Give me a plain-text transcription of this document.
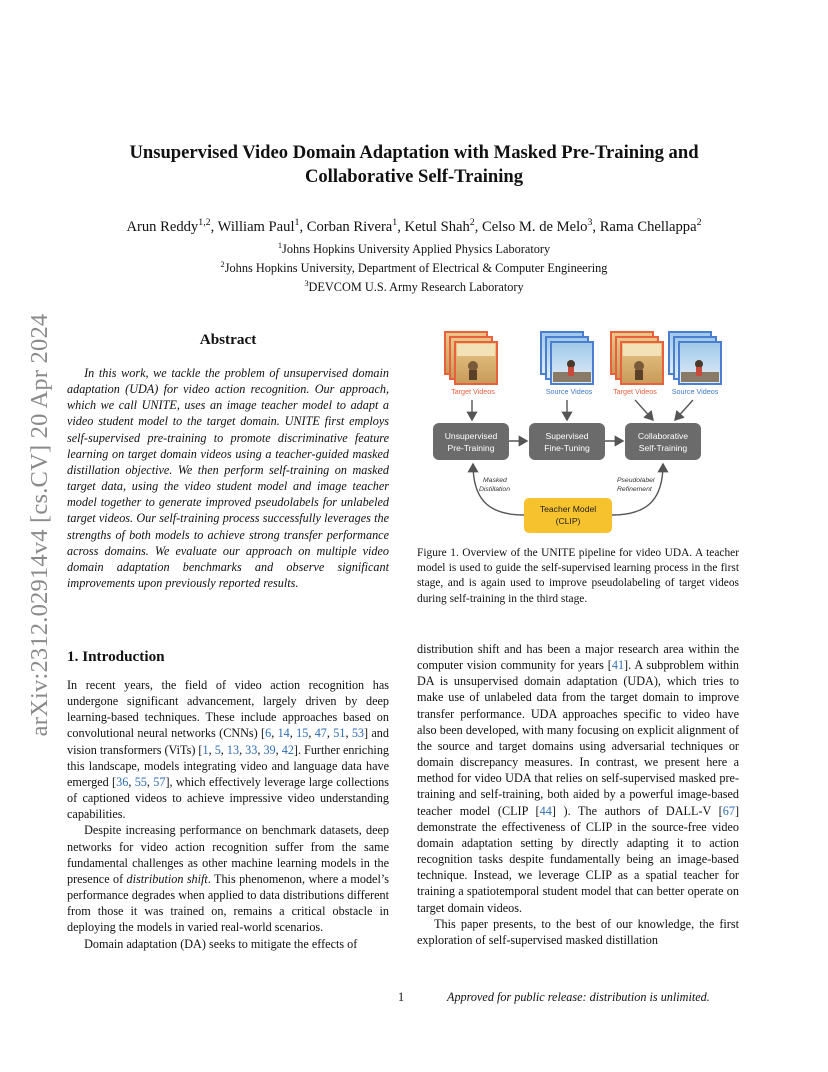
arXiv:2312.02914v4 [cs.CV] 20 Apr 2024
Unsupervised Video Domain Adaptation with Masked Pre-Training and
Collaborative Self-Training
Arun Reddy$^{1,2}$, William Paul$^1$, Corban Rivera$^1$, Ketul Shah$^2$, Celso M. de Melo$^3$, Rama Chellappa$^2$
$^1$Johns Hopkins University Applied Physics Laboratory
$^2$Johns Hopkins University, Department of Electrical & Computer Engineering
$^3$DEVCOM U.S. Army Research Laboratory
Abstract

In this work, we tackle the problem of unsupervised domain adaptation (UDA) for video action recognition. Our approach, which we call UNITE, uses an image teacher model to adapt a video student model to the target domain. UNITE first employs self-supervised pre-training to promote discriminative feature learning on target domain videos using a teacher-guided masked distillation objective. We then perform self-training on masked target data, using the video student model and image teacher model together to generate improved pseudolabels for unlabeled target videos. Our self-training process successfully leverages the strengths of both models to achieve strong transfer performance across domains. We evaluate our approach on multiple video domain adaptation benchmarks and observe significant improvements upon previously reported results.

Target Videos	Source Videos	Target Videos Source Videos
Unsupervised
Pre-Training
Supervised
Fine-Tuning
Collaborative
Self-Training
Teacher Model
(CLIP)
Masked
Distillation
Pseudolabel
Refinement
Figure 1. Overview of the UNITE pipeline for video UDA. A teacher model is used to guide the self-supervised learning process in the first stage, and is again used to improve pseudolabeling of target videos during self-training in the third stage.
1. Introduction

In recent years, the field of video action recognition has undergone significant advancement, largely driven by deep learning-based techniques. These include approaches based on convolutional neural networks (CNNs) [6, 14, 15, 47, 51, 53] and vision transformers (ViTs) [1, 5, 13, 33, 39, 42]. Further enriching this landscape, models integrating video and language data have emerged [36, 55, 57], which effectively leverage large collections of captioned videos to achieve impressive video understanding capabilities.

Despite increasing performance on benchmark datasets, deep networks for video action recognition suffer from the same fundamental challenges as other machine learning models in the presence of distribution shift. This phenomenon, where a model’s performance degrades when applied to data distributions different from those it was trained on, remains a critical obstacle in deploying the models in varied real-world scenarios.

Domain adaptation (DA) seeks to mitigate the effects of

distribution shift and has been a major research area within the computer vision community for years [41]. A subproblem within DA is unsupervised domain adaptation (UDA), which tries to make use of unlabeled data from the target domain to improve transfer performance. UDA approaches specific to video have also been developed, with many focusing on explicit alignment of the source and target domains using adversarial techniques or domain discrepancy measures. In contrast, we present here a method for video UDA that relies on self-supervised masked pre-training and self-training, both aided by a powerful image-based teacher model (CLIP [44] ). The authors of DALL-V [67] demonstrate the effectiveness of CLIP in the source-free video domain adaptation setting by directly adapting it to action recognition tasks despite fundamentally being an image-based technique. Instead, we leverage CLIP as a spatial teacher for training a spatiotemporal student model that can better operate on target domain videos.

This paper presents, to the best of our knowledge, the first exploration of self-supervised masked distillation

1	Approved for public release: distribution is unlimited.
